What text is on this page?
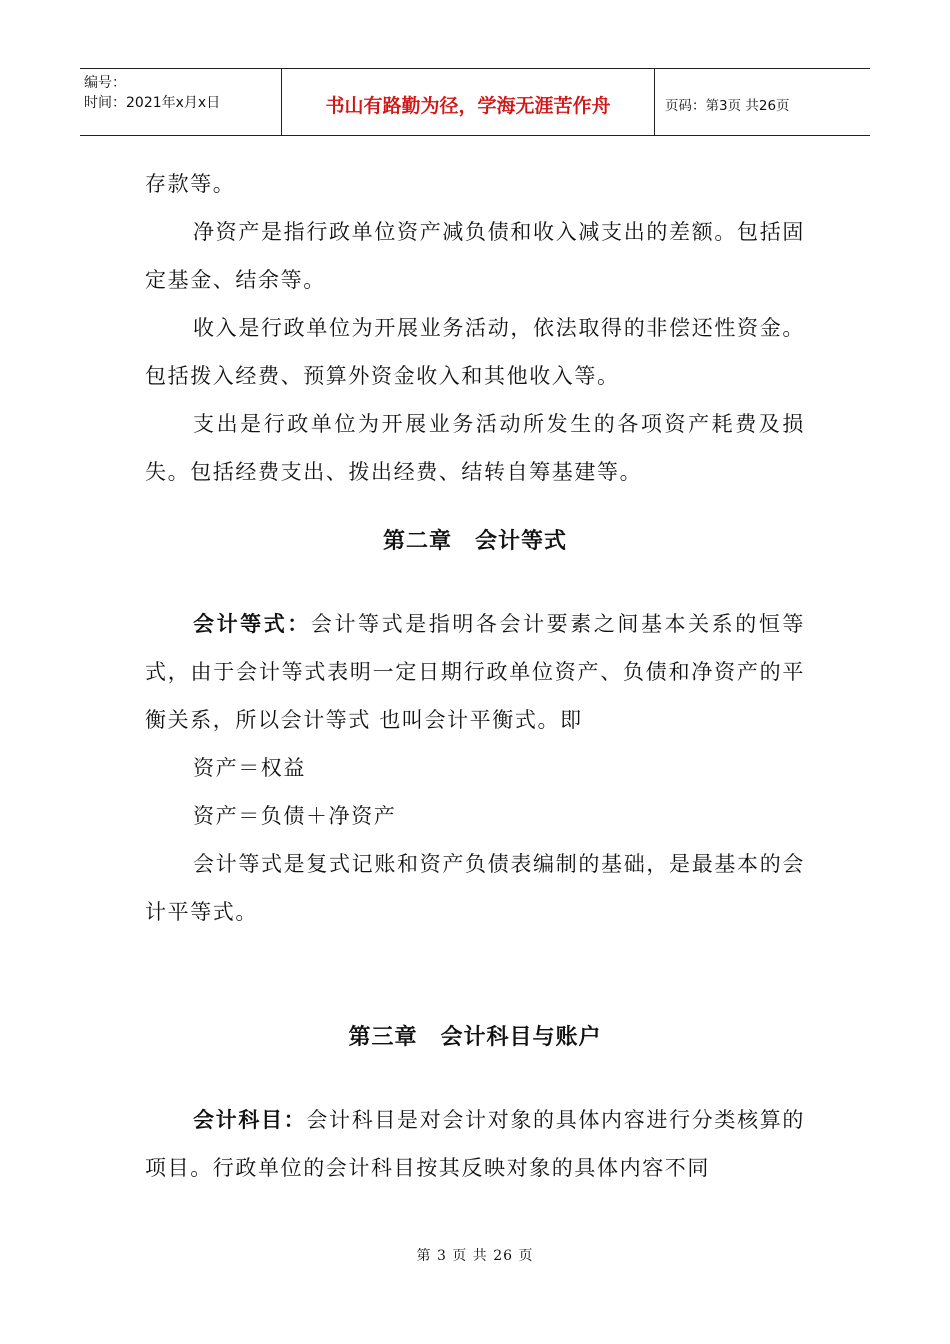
编号：
时间：2021年x月x日	书山有路勤为径，学海无涯苦作舟	页码：第3页 共26页

存款等。

净资产是指行政单位资产减负债和收入减支出的差额。包括固定基金、结余等。

收入是行政单位为开展业务活动，依法取得的非偿还性资金。包括拨入经费、预算外资金收入和其他收入等。

支出是行政单位为开展业务活动所发生的各项资产耗费及损失。包括经费支出、拨出经费、结转自筹基建等。

第二章　会计等式

会计等式：会计等式是指明各会计要素之间基本关系的恒等式，由于会计等式表明一定日期行政单位资产、负债和净资产的平衡关系，所以会计等式 也叫会计平衡式。即

资产＝权益

资产＝负债＋净资产

会计等式是复式记账和资产负债表编制的基础，是最基本的会计平等式。

第三章　会计科目与账户

会计科目：会计科目是对会计对象的具体内容进行分类核算的项目。行政单位的会计科目按其反映对象的具体内容不同

第 3 页 共 26 页
